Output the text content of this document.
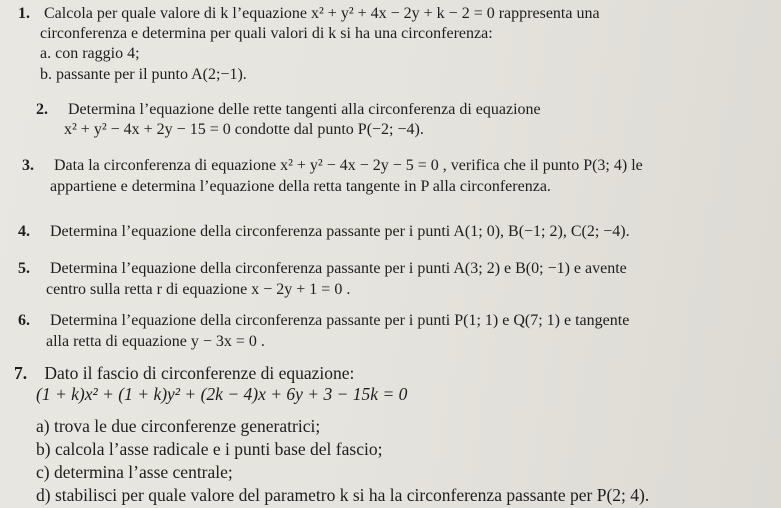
1. Calcola per quale valore di k l’equazione x² + y² + 4x − 2y + k − 2 = 0 rappresenta una
circonferenza e determina per quali valori di k si ha una circonferenza:
a. con raggio 4;
b. passante per il punto A(2;−1).
2. Determina l’equazione delle rette tangenti alla circonferenza di equazione
x² + y² − 4x + 2y − 15 = 0 condotte dal punto P(−2; −4).
3. Data la circonferenza di equazione x² + y² − 4x − 2y − 5 = 0 , verifica che il punto P(3; 4) le
appartiene e determina l’equazione della retta tangente in P alla circonferenza.
4. Determina l’equazione della circonferenza passante per i punti A(1; 0), B(−1; 2), C(2; −4).
5. Determina l’equazione della circonferenza passante per i punti A(3; 2) e B(0; −1) e avente
centro sulla retta r di equazione x − 2y + 1 = 0 .
6. Determina l’equazione della circonferenza passante per i punti P(1; 1) e Q(7; 1) e tangente
alla retta di equazione y − 3x = 0 .
7. Dato il fascio di circonferenze di equazione:
(1 + k)x² + (1 + k)y² + (2k − 4)x + 6y + 3 − 15k = 0
a) trova le due circonferenze generatrici;
b) calcola l’asse radicale e i punti base del fascio;
c) determina l’asse centrale;
d) stabilisci per quale valore del parametro k si ha la circonferenza passante per P(2; 4).
